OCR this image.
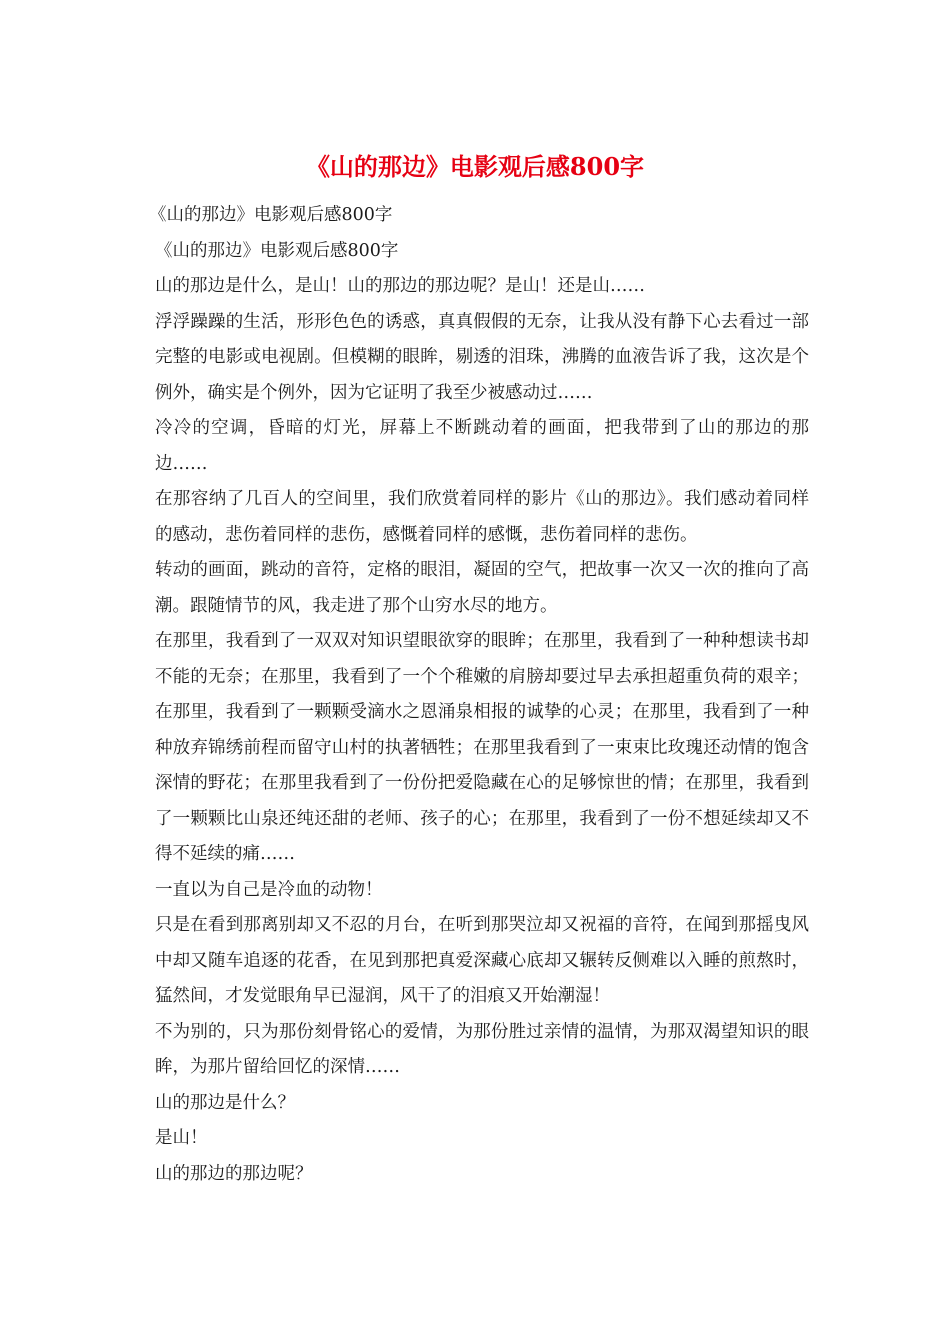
《山的那边》电影观后感800字

《山的那边》电影观后感800字

《山的那边》电影观后感800字

山的那边是什么，是山！山的那边的那边呢？是山！还是山……

浮浮躁躁的生活，形形色色的诱惑，真真假假的无奈，让我从没有静下心去看过一部完整的电影或电视剧。但模糊的眼眸，剔透的泪珠，沸腾的血液告诉了我，这次是个例外，确实是个例外，因为它证明了我至少被感动过……

冷冷的空调，昏暗的灯光，屏幕上不断跳动着的画面，把我带到了山的那边的那边……

在那容纳了几百人的空间里，我们欣赏着同样的影片《山的那边》。我们感动着同样的感动，悲伤着同样的悲伤，感慨着同样的感慨，悲伤着同样的悲伤。

转动的画面，跳动的音符，定格的眼泪，凝固的空气，把故事一次又一次的推向了高潮。跟随情节的风，我走进了那个山穷水尽的地方。

在那里，我看到了一双双对知识望眼欲穿的眼眸；在那里，我看到了一种种想读书却不能的无奈；在那里，我看到了一个个稚嫩的肩膀却要过早去承担超重负荷的艰辛；在那里，我看到了一颗颗受滴水之恩涌泉相报的诚挚的心灵；在那里，我看到了一种种放弃锦绣前程而留守山村的执著牺牲；在那里我看到了一束束比玫瑰还动情的饱含深情的野花；在那里我看到了一份份把爱隐藏在心的足够惊世的情；在那里，我看到了一颗颗比山泉还纯还甜的老师、孩子的心；在那里，我看到了一份不想延续却又不得不延续的痛……

一直以为自己是冷血的动物！

只是在看到那离别却又不忍的月台，在听到那哭泣却又祝福的音符，在闻到那摇曳风中却又随车追逐的花香，在见到那把真爱深藏心底却又辗转反侧难以入睡的煎熬时，猛然间，才发觉眼角早已湿润，风干了的泪痕又开始潮湿！

不为别的，只为那份刻骨铭心的爱情，为那份胜过亲情的温情，为那双渴望知识的眼眸，为那片留给回忆的深情……

山的那边是什么？

是山！

山的那边的那边呢？
